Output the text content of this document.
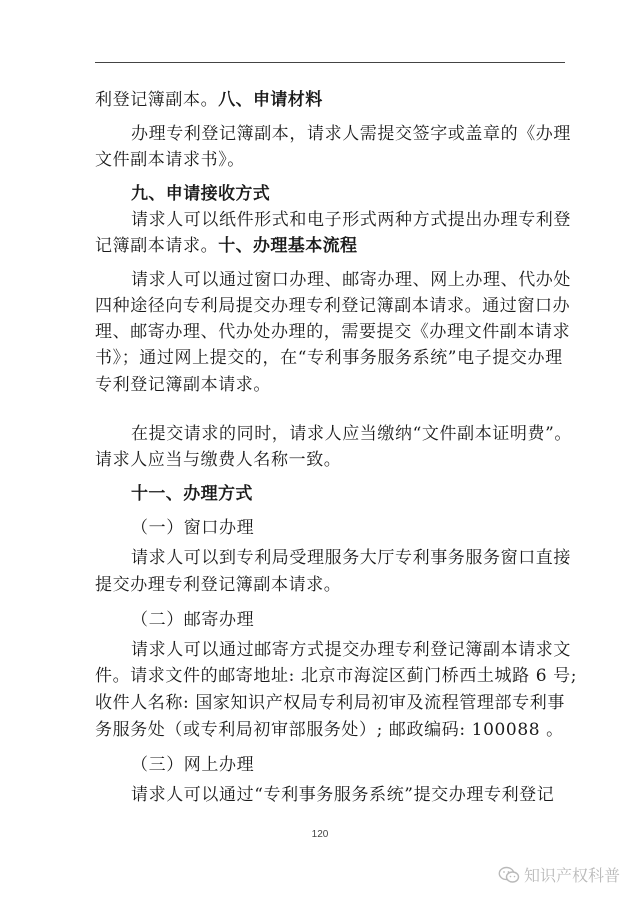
利登记簿副本。八、申请材料
办理专利登记簿副本，请求人需提交签字或盖章的《办理
文件副本请求书》。
九、申请接收方式
请求人可以纸件形式和电子形式两种方式提出办理专利登
记簿副本请求。十、办理基本流程
请求人可以通过窗口办理、邮寄办理、网上办理、代办处
四种途径向专利局提交办理专利登记簿副本请求。通过窗口办
理、邮寄办理、代办处办理的，需要提交《办理文件副本请求
书》；通过网上提交的，在“专利事务服务系统”电子提交办理
专利登记簿副本请求。
在提交请求的同时，请求人应当缴纳“文件副本证明费”。
请求人应当与缴费人名称一致。
十一、办理方式
（一）窗口办理
请求人可以到专利局受理服务大厅专利事务服务窗口直接
提交办理专利登记簿副本请求。
（二）邮寄办理
请求人可以通过邮寄方式提交办理专利登记簿副本请求文
件。请求文件的邮寄地址: 北京市海淀区蓟门桥西土城路 6 号;
收件人名称: 国家知识产权局专利局初审及流程管理部专利事
务服务处（或专利局初审部服务处）; 邮政编码: 100088 。
（三）网上办理
请求人可以通过“专利事务服务系统”提交办理专利登记
120
知识产权科普
